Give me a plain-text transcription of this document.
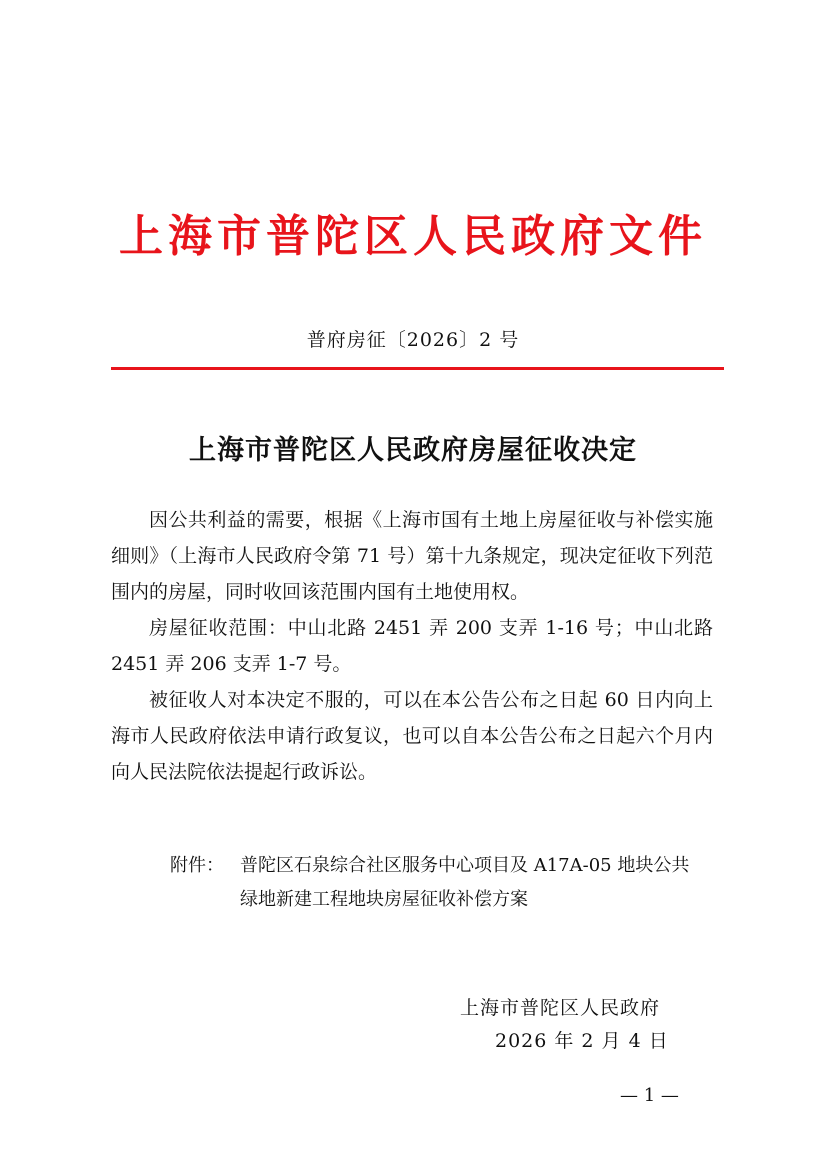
上海市普陀区人民政府文件
普府房征〔2026〕2 号
上海市普陀区人民政府房屋征收决定

因公共利益的需要，根据《上海市国有土地上房屋征收与补偿实施细则》（上海市人民政府令第 71 号）第十九条规定，现决定征收下列范围内的房屋，同时收回该范围内国有土地使用权。

房屋征收范围：中山北路 2451 弄 200 支弄 1-16 号；中山北路 2451 弄 206 支弄 1-7 号。

被征收人对本决定不服的，可以在本公告公布之日起 60 日内向上海市人民政府依法申请行政复议，也可以自本公告公布之日起六个月内向人民法院依法提起行政诉讼。

附件： 普陀区石泉综合社区服务中心项目及 A17A-05 地块公共
绿地新建工程地块房屋征收补偿方案
上海市普陀区人民政府
2026 年 2 月 4 日
— 1 —
